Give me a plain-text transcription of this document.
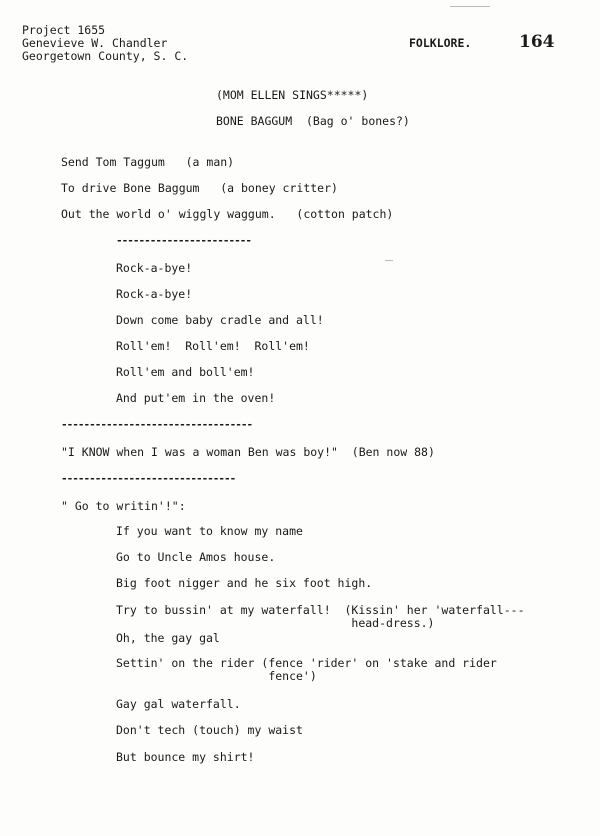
Project 1655
Genevieve W. Chandler
Georgetown County, S. C.
FOLKLORE.	164
(MOM ELLEN SINGS*****)
BONE BAGGUM  (Bag o' bones?)
Send Tom Taggum   (a man)
To drive Bone Baggum   (a boney critter)
Out the world o' wiggly waggum.   (cotton patch)
------------------------
Rock-a-bye!
Rock-a-bye!
Down come baby cradle and all!
Roll'em!  Roll'em!  Roll'em!
Roll'em and boll'em!
And put'em in the oven!
----------------------------------
"I KNOW when I was a woman Ben was boy!"  (Ben now 88)
-------------------------------
" Go to writin'!":
If you want to know my name
Go to Uncle Amos house.
Big foot nigger and he six foot high.
Try to bussin' at my waterfall!  (Kissin' her 'waterfall---
head-dress.)
Oh, the gay gal
Settin' on the rider (fence 'rider' on 'stake and rider
fence')
Gay gal waterfall.
Don't tech (touch) my waist
But bounce my shirt!
